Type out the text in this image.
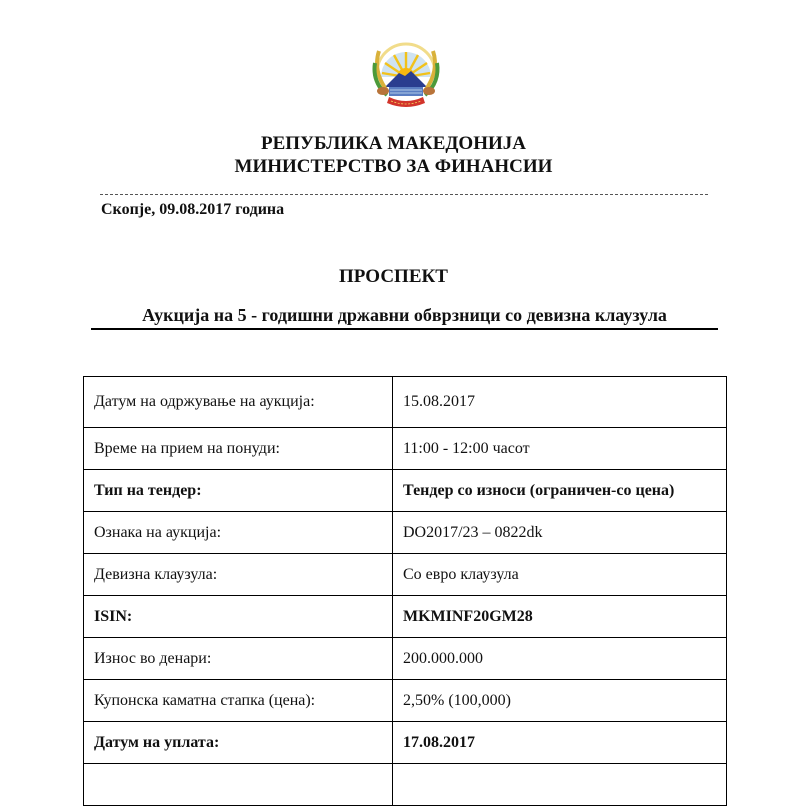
РЕПУБЛИКА МАКЕДОНИЈА
МИНИСТЕРСТВО ЗА ФИНАНСИИ
Скопје, 09.08.2017 година
ПРОСПЕКТ
Аукција на 5 - годишни државни обврзници со девизна клаузула
Датум на одржување на аукција:	15.08.2017
Време на прием на понуди:	11:00 - 12:00 часот
Тип на тендер:	Тендер со износи (ограничен-со цена)
Ознака на аукција:	DO2017/23 – 0822dk
Девизна клаузула:	Со евро клаузула
ISIN:	MKMINF20GM28
Износ во денари:	200.000.000
Купонска каматна стапка (цена):	2,50% (100,000)
Датум на уплата:	17.08.2017
